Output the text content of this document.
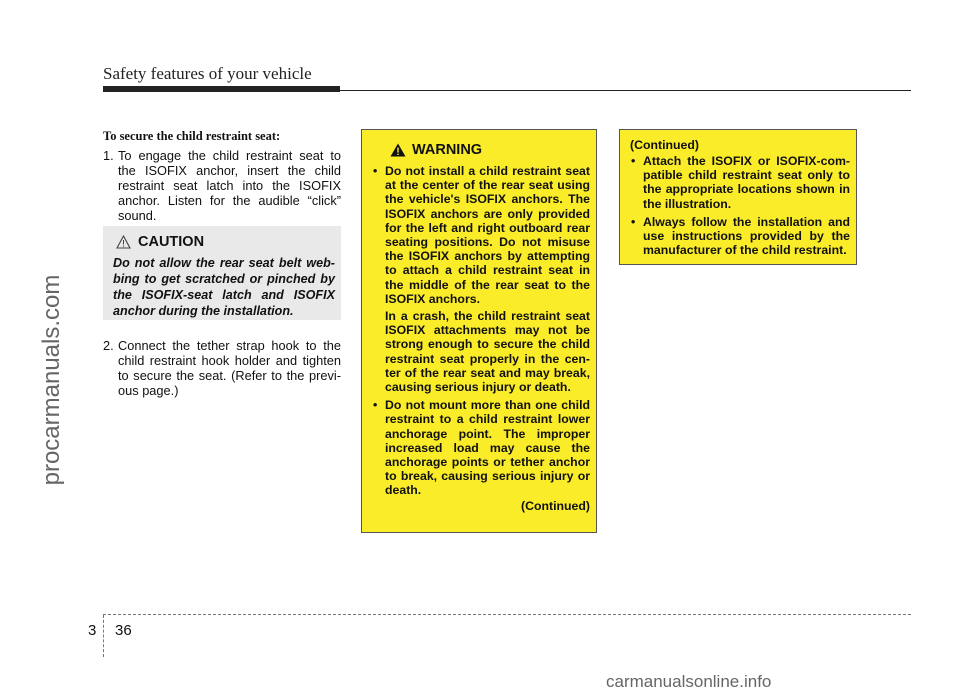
Safety features of your vehicle
procarmanuals.com
To secure the child restraint seat:
1. To engage the child restraint seat to the ISOFIX anchor, insert the child restraint seat latch into the ISOFIX anchor. Listen for the audible “click” sound.
CAUTION
Do not allow the rear seat belt web-bing to get scratched or pinched by the ISOFIX-seat latch and ISOFIX anchor during the installation.
2. Connect the tether strap hook to the child restraint hook holder and tighten to secure the seat. (Refer to the previ-ous page.)
WARNING
• Do not install a child restraint seat at the center of the rear seat using the vehicle's ISOFIX anchors. The ISOFIX anchors are only provided for the left and right outboard rear seating positions. Do not misuse the ISOFIX anchors by attempting to attach a child restraint seat in the middle of the rear seat to the ISOFIX anchors.

In a crash, the child restraint seat ISOFIX attachments may not be strong enough to secure the child restraint seat properly in the cen-ter of the rear seat and may break, causing serious injury or death.

• Do not mount more than one child restraint to a child restraint lower anchorage point. The improper increased load may cause the anchorage points or tether anchor to break, causing serious injury or death.
(Continued)
(Continued)
• Attach the ISOFIX or ISOFIX-com-patible child restraint seat only to the appropriate locations shown in the illustration.
• Always follow the installation and use instructions provided by the manufacturer of the child restraint.
3 36
carmanualsonline.info
